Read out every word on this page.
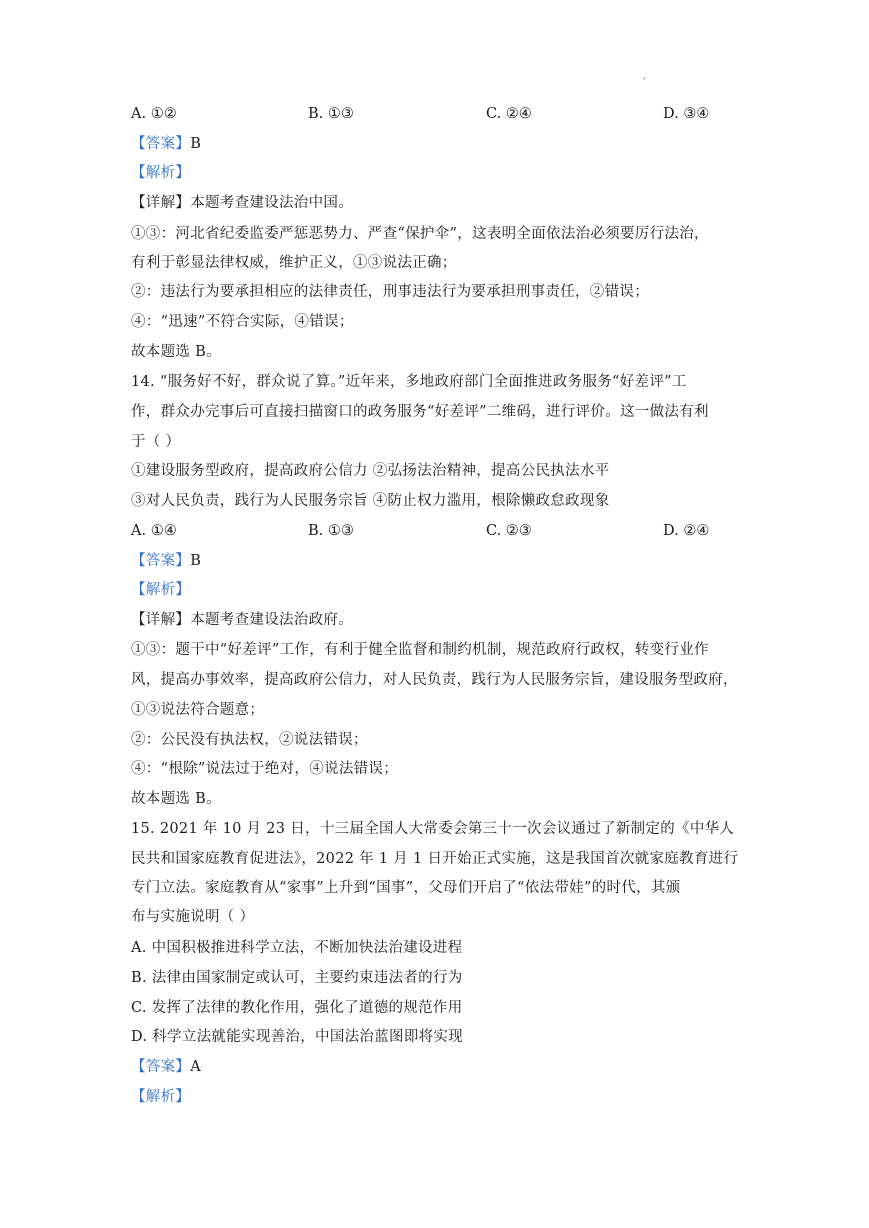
.
A. ①②	B. ①③	C. ②④	D. ③④
【答案】B
【解析】
【详解】本题考查建设法治中国。
①③：河北省纪委监委严惩恶势力、严查“保护伞”，这表明全面依法治必须要厉行法治，
有利于彰显法律权威，维护正义，①③说法正确；
②：违法行为要承担相应的法律责任，刑事违法行为要承担刑事责任，②错误；
④：“迅速”不符合实际，④错误；
故本题选 B。
14. “服务好不好，群众说了算。”近年来，多地政府部门全面推进政务服务“好差评”工
作，群众办完事后可直接扫描窗口的政务服务“好差评”二维码，进行评价。这一做法有利
于（ ）
①建设服务型政府，提高政府公信力 ②弘扬法治精神，提高公民执法水平
③对人民负责，践行为人民服务宗旨 ④防止权力滥用，根除懒政怠政现象
A. ①④	B. ①③	C. ②③	D. ②④
【答案】B
【解析】
【详解】本题考查建设法治政府。
①③：题干中“好差评”工作，有利于健全监督和制约机制，规范政府行政权，转变行业作
风，提高办事效率，提高政府公信力，对人民负责，践行为人民服务宗旨，建设服务型政府，
①③说法符合题意；
②：公民没有执法权，②说法错误；
④：“根除”说法过于绝对，④说法错误；
故本题选 B。
15. 2021 年 10 月 23 日，十三届全国人大常委会第三十一次会议通过了新制定的《中华人
民共和国家庭教育促进法》，2022 年 1 月 1 日开始正式实施，这是我国首次就家庭教育进行
专门立法。家庭教育从“家事”上升到“国事”，父母们开启了“依法带娃”的时代，其颁
布与实施说明（ ）
A. 中国积极推进科学立法，不断加快法治建设进程
B. 法律由国家制定或认可，主要约束违法者的行为
C. 发挥了法律的教化作用，强化了道德的规范作用
D. 科学立法就能实现善治，中国法治蓝图即将实现
【答案】A
【解析】
